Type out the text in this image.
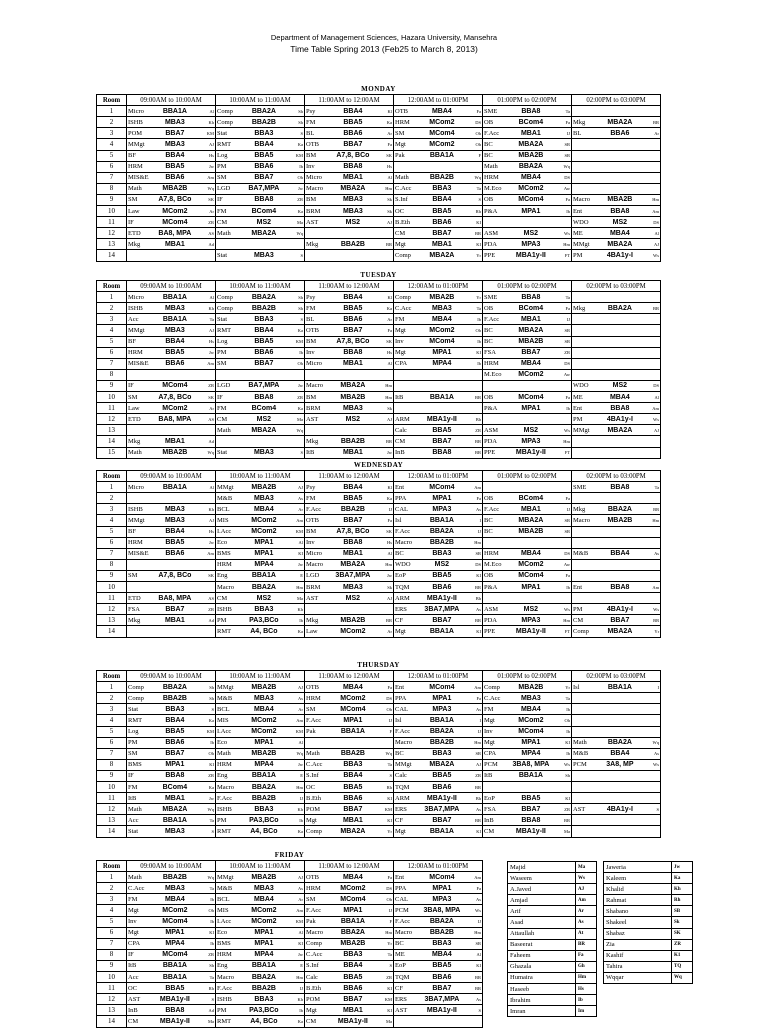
Department of Management Sciences, Hazara University, Mansehra
Time Table Spring 2013 (Feb25 to March 8, 2013)
MONDAY						
Room	09:00AM to 10:00AM	10:00AM to 11:00AM	11:00AM to 12:00AM	12:00AM to 01:00PM	01:00PM to 02:00PM	02:00PM to 03:00PM
1	Micro BBA1A Al	Comp BBA2A Sh	Psy BBA4 Kl	OTB MBA4 Fa	SME BBA8 Ta	

2	ISHB MBA3 Kh	Comp BBA2B Sh	FM BBA5 Ka	HRM MCom2 DS	OB BCom4 Fa	Mkg MBA2A BR

3	POM BBA7 KM	Stat BBA3 S	BL BBA6 Ar	SM MCom4 Oh	F.Acc MBA1 IJ	BL BBA6 Ar

4	MMgt MBA3 AJ	RMT BBA4 Ka	OTB BBA7 Fa	Mgt MCom2 Oh	BC MBA2A SR	

5	BF BBA4 Hs	Log BBA5 KM	BM A7,8, BCo SK	Pak BBA1A F	BC MBA2B SR	

6	HRM BBA5 Jw	PM BBA6 Ib	Inv BBA8 Hs		Math BBA2A Wq	

7	MIS&E BBA6 Am	SM BBA7 Oh	Micro MBA1 Al	Math BBA2B Wq	HRM MBA4 DS	

8	Math MBA2B Wq	LGD BA7,MPA Jw	Macro MBA2A Hm	C.Acc BBA3 Ta	M.Eco MCom2 Aw	

9	SM A7,8, BCo SK	IF BBA8 ZR	BM MBA3 Sk	S.Inf BBA4 S	OB MCom4 Fa	Macro MBA2B Hm

10	Law MCom2 Ar	FM BCom4 Ka	BRM MBA3 Sk	OC BBA5 Rh	P&A MPA1 Ib	Ent BBA8 Am

11	IF MCom4 ZR	CM MS2 Ma	AST MS2 AJ	B.Eth BBA6 KI		WDO MS2 DS

12	ETD BA8, MPA AS	Math MBA2A Wq		CM BBA7 BR	ASM MS2 Ws	ME MBA4 Al

13	Mkg MBA1 Ad		Mkg BBA2B BR	Mgt MBA1 KI	PDA MPA3 Hm	MMgt MBA2A AJ

14		Stat MBA3 S		Comp MBA2A Yr	PPE MBA1y-II FT	PM 4BA1y-I Ws
TUESDAY						
Room	09:00AM to 10:00AM	10:00AM to 11:00AM	11:00AM to 12:00AM	12:00AM to 01:00PM	01:00PM to 02:00PM	02:00PM to 03:00PM
1	Micro BBA1A Al	Comp BBA2A Sh	Psy BBA4 Kl	Comp MBA2B Yr	SME BBA8 Ta	

2	ISHB MBA3 Kh	Comp BBA2B Sh	FM BBA5 Ka	C.Acc MBA3 Ta	OB BCom4 Fa	Mkg BBA2A BR

3	Acc BBA1A Ta	Stat BBA3 S	BL BBA6 Ar	FM MBA4 Ib	F.Acc MBA1 IJ	

4	MMgt MBA3 AJ	RMT BBA4 Ka	OTB BBA7 Fa	Mgt MCom2 Oh	BC MBA2A SR	

5	BF BBA4 Hs	Log BBA5 KM	BM A7,8, BCo SK	Inv MCom4 Ib	BC MBA2B SR	

6	HRM BBA5 Jw	PM BBA6 Ib	Inv BBA8 Hs	Mgt MPA1 KI	FSA BBA7 ZR	

7	MIS&E BBA6 Am	SM BBA7 Oh	Micro MBA1 Al	CPA MPA4 Ib	HRM MBA4 DS	

8					M.Eco MCom2 Aw	

9	IF MCom4 ZR	LGD BA7,MPA Jw	Macro MBA2A Hm			WDO MS2 DS

10	SM A7,8, BCo SK	IF BBA8 ZR	BM MBA2B Hm	ItB BBA1A BR	OB MCom4 Fa	ME MBA4 Al

11	Law MCom2 Ar	FM BCom4 Ka	BRM MBA3 Sk		P&A MPA1 Ib	Ent BBA8 Am

12	ETD BA8, MPA AS	CM MS2 Ma	AST MS2 AJ	ARM MBA1y-II Bh		PM 4BA1y-I Ws

13		Math MBA2A Wq		Calc BBA5 ZR	ASM MS2 Ws	MMgt MBA2A AJ

14	Mkg MBA1 Ad		Mkg BBA2B BR	CM BBA7 BR	PDA MPA3 Hm	

15	Math MBA2B Wq	Stat MBA3 S	ItB MBA1 Jw	InB BBA8 BR	PPE MBA1y-II FT	

WEDNESDAY						
Room	09:00AM to 10:00AM	10:00AM to 11:00AM	11:00AM to 12:00AM	12:00AM to 01:00PM	01:00PM to 02:00PM	02:00PM to 03:00PM
1	Micro BBA1A Al	MMgt MBA2B AJ	Psy BBA4 Kl	Ent MCom4 Am		SME BBA8 Ta

2		M&B MBA3 As	FM BBA5 Ka	PPA MPA1 Fa	OB BCom4 Fa	

3	ISHB MBA3 Kh	BCL MBA4 Ar	F.Acc BBA2B IJ	CAL MPA3 As	F.Acc MBA1 IJ	Mkg BBA2A BR

4	MMgt MBA3 AJ	MIS MCom2 Am	OTB BBA7 Fa	Isl BBA1A I	BC MBA2A SR	Macro MBA2B Hm

5	BF BBA4 Hs	I.Acc MCom2 KM	BM A7,8, BCo SK	F.Acc BBA2A IJ	BC MBA2B SR	

6	HRM BBA5 Jw	Eco MPA1 Al	Inv BBA8 Hs	Macro BBA2B Hm		

7	MIS&E BBA6 Am	BMS MPA1 KI	Micro MBA1 Al	BC BBA3 SR	HRM MBA4 DS	M&B BBA4 As

8		HRM MPA4 Jw	Macro MBA2A Hm	WDO MS2 DS	M.Eco MCom2 Aw	

9	SM A7,8, BCo SK	Eng BBA1A E	LGD 3BA7,MPA Jw	EoP BBA5 KI	OB MCom4 Fa	

10		Macro BBA2A Hm	BRM MBA3 Sk	TQM BBA6 BR	P&A MPA1 Ib	Ent BBA8 Am

11	ETD BA8, MPA AS	CM MS2 Ma	AST MS2 AJ	ARM MBA1y-II Bh		

12	FSA BBA7 ZR	ISHB BBA3 Kh		ERS 3BA7,MPA As	ASM MS2 Ws	PM 4BA1y-I Ws

13	Mkg MBA1 Ad	PM PA3,BCo Ib	Mkg MBA2B BR	CF BBA7 BR	PDA MPA3 Hm	CM BBA7 BR

14		RMT A4, BCo Ka	Law MCom2 Ar	Mgt BBA1A KI	PPE MBA1y-II FT	Comp MBA2A Yr
THURSDAY						
Room	09:00AM to 10:00AM	10:00AM to 11:00AM	11:00AM to 12:00AM	12:00AM to 01:00PM	01:00PM to 02:00PM	02:00PM to 03:00PM
1	Comp BBA2A Sh	MMgt MBA2B AJ	OTB MBA4 Fa	Ent MCom4 Am	Comp MBA2B Yr	Isl BBA1A I

2	Comp BBA2B Sh	M&B MBA3 As	HRM MCom2 DS	PPA MPA1 Fa	C.Acc MBA3 Ta	

3	Stat BBA3 S	BCL MBA4 Ar	SM MCom4 Oh	CAL MPA3 As	FM MBA4 Ib	

4	RMT BBA4 Ka	MIS MCom2 Am	F.Acc MPA1 IJ	Isl BBA1A I	Mgt MCom2 Oh	

5	Log BBA5 KM	I.Acc MCom2 KM	Pak BBA1A F	F.Acc BBA2A IJ	Inv MCom4 Ib	

6	PM BBA6 Ib	Eco MPA1 Al		Macro BBA2B Hm	Mgt MPA1 KI	Math BBA2A Wq

7	SM BBA7 Oh	Math MBA2B Wq	Math BBA2B Wq	BC BBA3 SR	CPA MPA4 Ib	M&B BBA4 As

8	BMS MPA1 KI	HRM MPA4 Jw	C.Acc BBA3 Ta	MMgt MBA2A AJ	PCM 3BA8, MPA Ws	PCM 3A8, MP Ws

9	IF BBA8 ZR	Eng BBA1A E	S.Inf BBA4 S	Calc BBA5 ZR	ItB BBA1A Sh	

10	FM BCom4 Ka	Macro BBA2A Hm	OC BBA5 Rh	TQM BBA6 BR		

11	ItB MBA1 Jw	F.Acc BBA2B IJ	B.Eth BBA6 KI	ARM MBA1y-II Bh	EoP BBA5 KI	

12	Math MBA2A Wq	ISHB BBA3 Kh	POM BBA7 KM	ERS 3BA7,MPA As	FSA BBA7 ZR	AST 4BA1y-I S

13	Acc BBA1A Ta	PM PA3,BCo Ib	Mgt MBA1 KI	CF BBA7 BR	InB BBA8 BR	

14	Stat MBA3 S	RMT A4, BCo Ka	Comp MBA2A Yr	Mgt BBA1A KI	CM MBA1y-II Ma	

FRIDAY				
Room	09:00AM to 10:00AM	10:00AM to 11:00AM	11:00AM to 12:00AM	12:00AM to 01:00PM
1	Math BBA2B Wq	MMgt MBA2B AJ	OTB MBA4 Fa	Ent MCom4 Am

2	C.Acc MBA3 Ta	M&B MBA3 As	HRM MCom2 DS	PPA MPA1 Fa

3	FM MBA4 Ib	BCL MBA4 Ar	SM MCom4 Oh	CAL MPA3 As

4	Mgt MCom2 Oh	MIS MCom2 Am	F.Acc MPA1 IJ	PCM 3BA8, MPA Ws

5	Inv MCom4 Ib	I.Acc MCom2 KM	Pak BBA1A F	F.Acc BBA2A IJ

6	Mgt MPA1 KI	Eco MPA1 Al	Macro BBA2A Hm	Macro BBA2B Hm

7	CPA MPA4 Ib	BMS MPA1 KI	Comp MBA2B Yr	BC BBA3 SR

8	IF MCom4 ZR	HRM MPA4 Jw	C.Acc BBA3 Ta	ME MBA4 Al

9	ItB BBA1A Sh	Eng BBA1A E	S.Inf BBA4 S	EoP BBA5 KI

10	Acc BBA1A Ta	Macro BBA2A Hm	Calc BBA5 ZR	TQM BBA6 BR

11	OC BBA5 Rh	F.Acc BBA2B IJ	B.Eth BBA6 KI	CF BBA7 BR

12	AST MBA1y-II S	ISHB BBA3 Kh	POM BBA7 KM	ERS 3BA7,MPA As

13	InB BBA8 Ad	PM PA3,BCo Ib	Mgt MBA1 KI	AST MBA1y-II S

14	CM MBA1y-II Ma	RMT A4, BCo Ka	CM MBA1y-II Ma	

Majid	Ma
Waseem	Ws
A.Javed	AJ
Amjad	Am
Arif	Ar
Asad	As
Attaullah	At
Baseerat	BR
Faheem	Fa
Ghazala	Gh
Humaira	Hm
Haseeb	Hs
Ibrahim	Ib
Imran	Im
Jaweria	Jw
Kaleem	Ka
Khalid	Kh
Rahmat	Rh
Shabano	SB
Shakeel	Sk
Shabaz	SK
Zia	ZR
Kashif	K1
Tahira	TQ
Wqqar	Wq
